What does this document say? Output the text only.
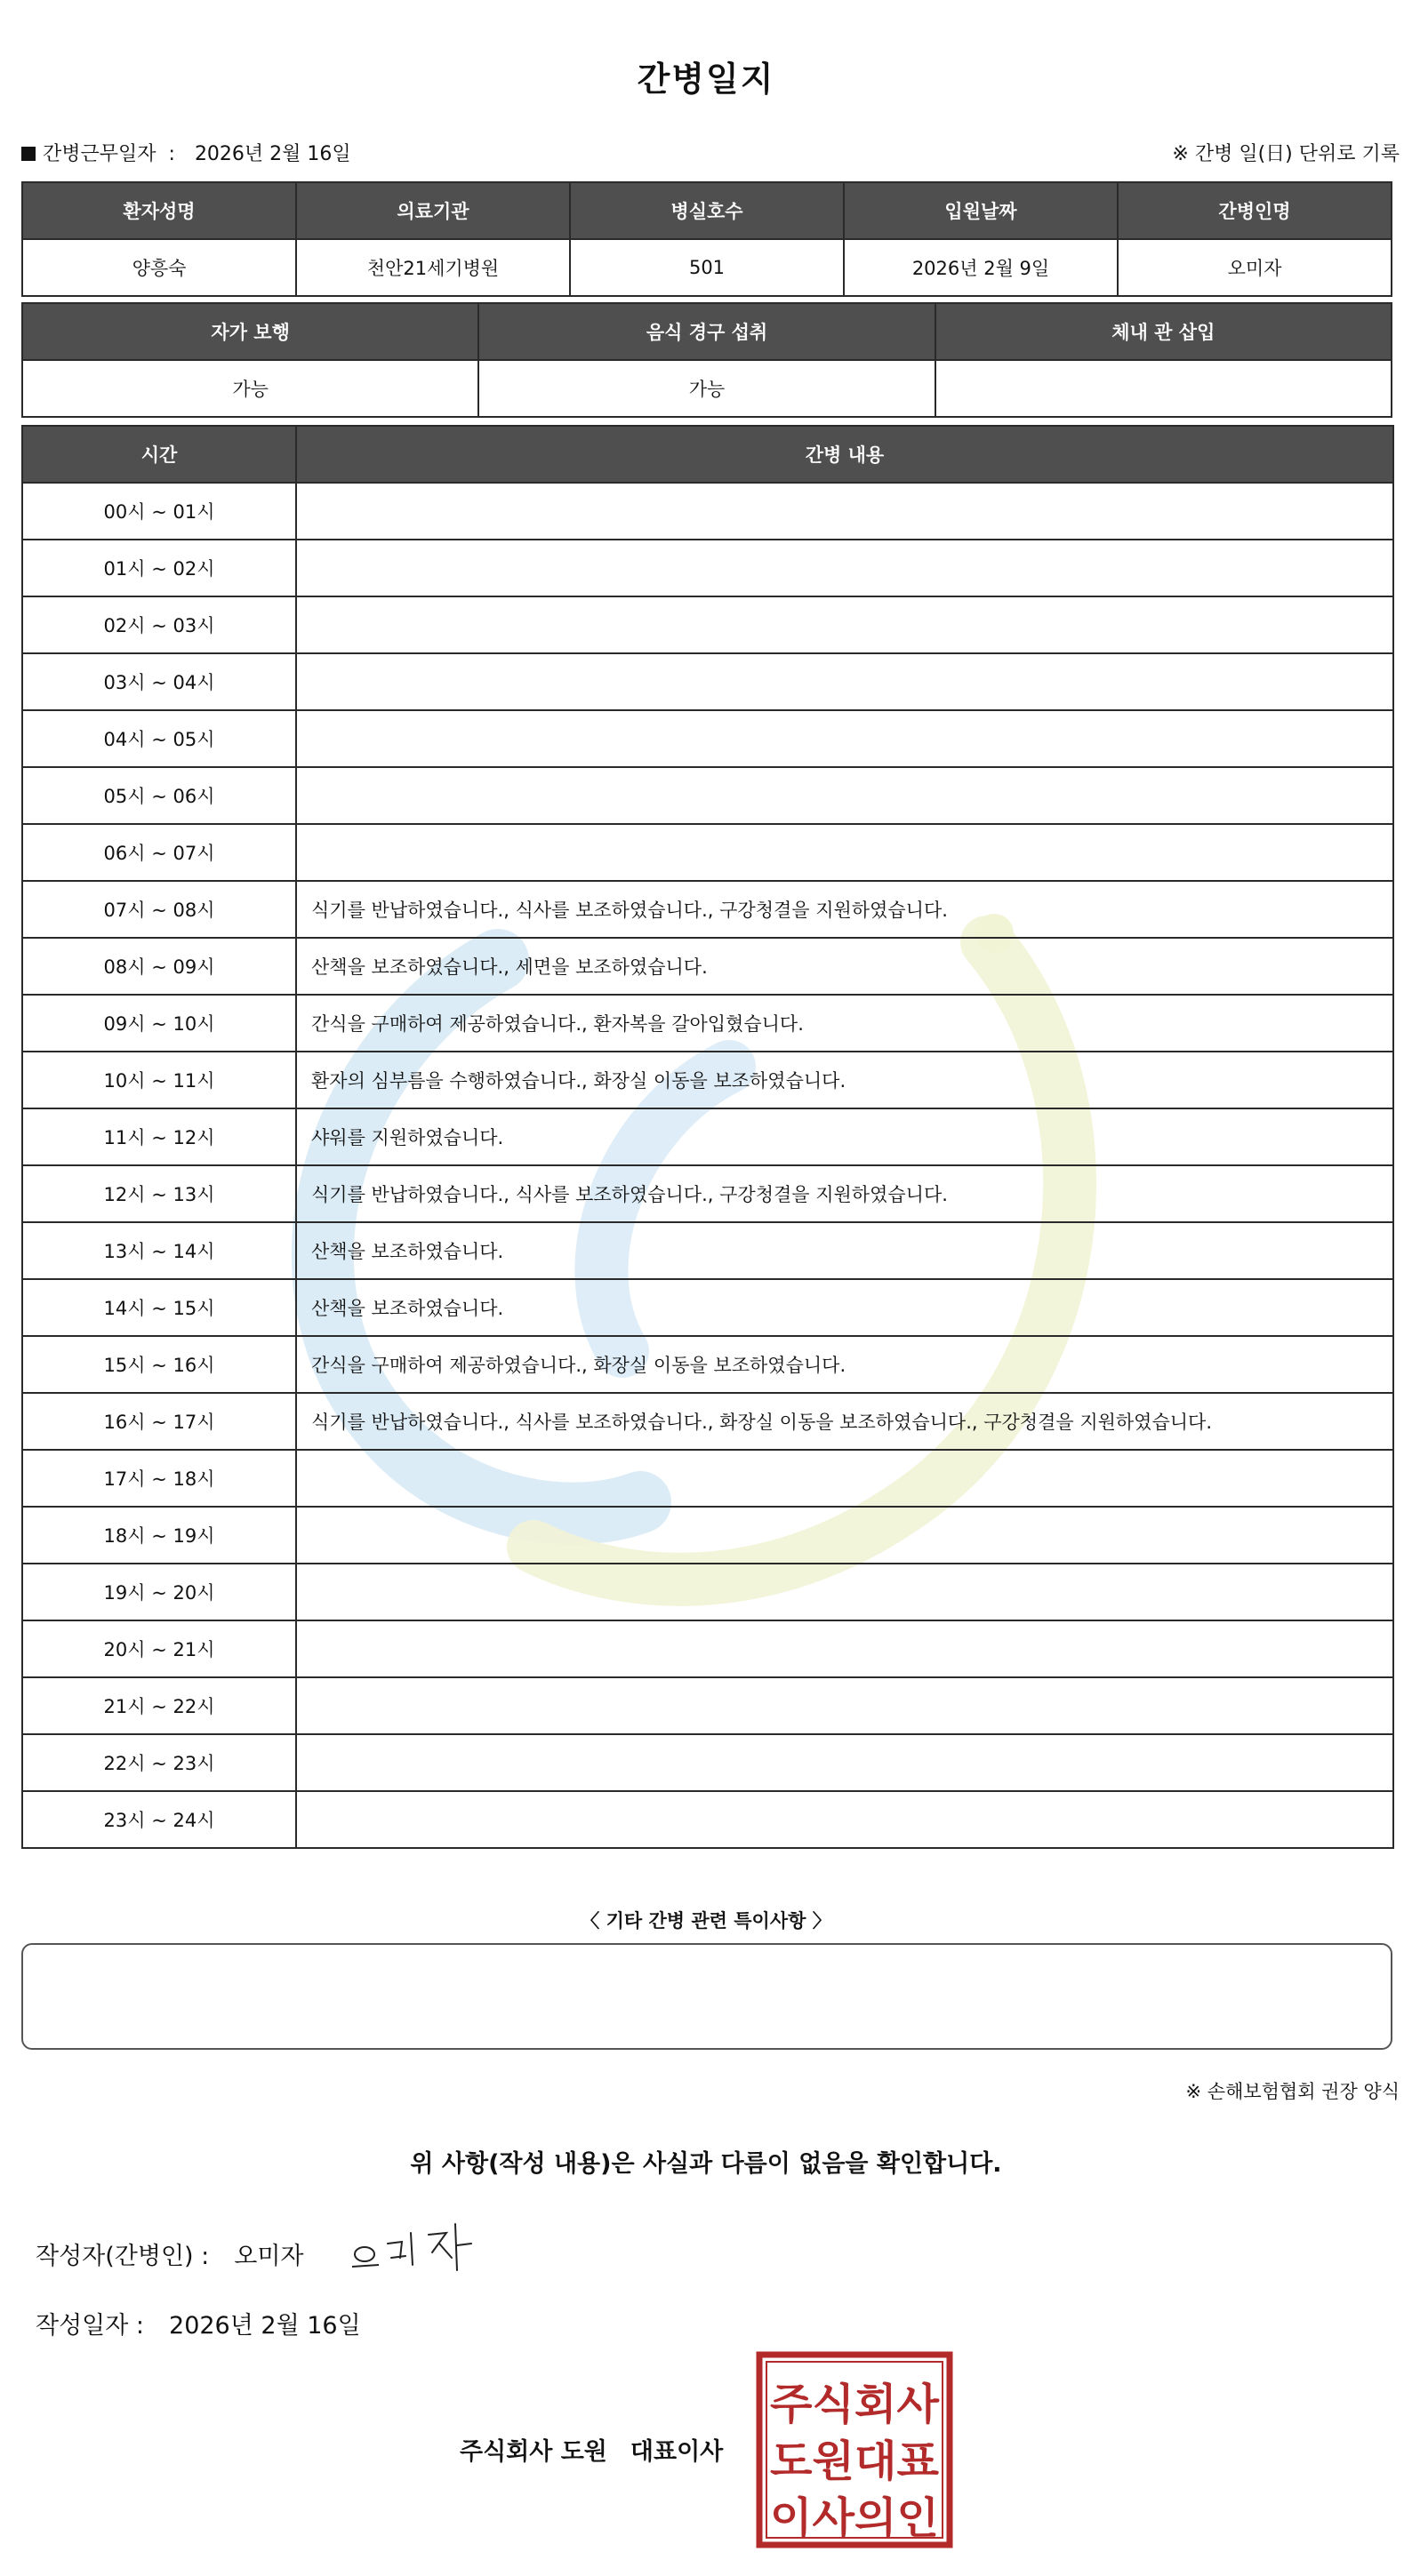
간병일지
간병근무일자 : 2026년 2월 16일	※ 간병 일(日) 단위로 기록
환자성명	의료기관	병실호수	입원날짜	간병인명
양흥숙	천안21세기병원	501	2026년 2월 9일	오미자
자가 보행	음식 경구 섭취	체내 관 삽입
가능	가능	
시간	간병 내용
00시 ~ 01시	
01시 ~ 02시	
02시 ~ 03시	
03시 ~ 04시	
04시 ~ 05시	
05시 ~ 06시	
06시 ~ 07시	
07시 ~ 08시	식기를 반납하였습니다., 식사를 보조하였습니다., 구강청결을 지원하였습니다.
08시 ~ 09시	산책을 보조하였습니다., 세면을 보조하였습니다.
09시 ~ 10시	간식을 구매하여 제공하였습니다., 환자복을 갈아입혔습니다.
10시 ~ 11시	환자의 심부름을 수행하였습니다., 화장실 이동을 보조하였습니다.
11시 ~ 12시	샤워를 지원하였습니다.
12시 ~ 13시	식기를 반납하였습니다., 식사를 보조하였습니다., 구강청결을 지원하였습니다.
13시 ~ 14시	산책을 보조하였습니다.
14시 ~ 15시	산책을 보조하였습니다.
15시 ~ 16시	간식을 구매하여 제공하였습니다., 화장실 이동을 보조하였습니다.
16시 ~ 17시	식기를 반납하였습니다., 식사를 보조하였습니다., 화장실 이동을 보조하였습니다., 구강청결을 지원하였습니다.
17시 ~ 18시	
18시 ~ 19시	
19시 ~ 20시	
20시 ~ 21시	
21시 ~ 22시	
22시 ~ 23시	
23시 ~ 24시	
〈 기타 간병 관련 특이사항 〉
※ 손해보험협회 권장 양식
위 사항(작성 내용)은 사실과 다름이 없음을 확인합니다.
작성자(간병인) : 오미자
작성일자 : 2026년 2월 16일
주식회사 도원 대표이사
주식회사
도원대표
이사의인
